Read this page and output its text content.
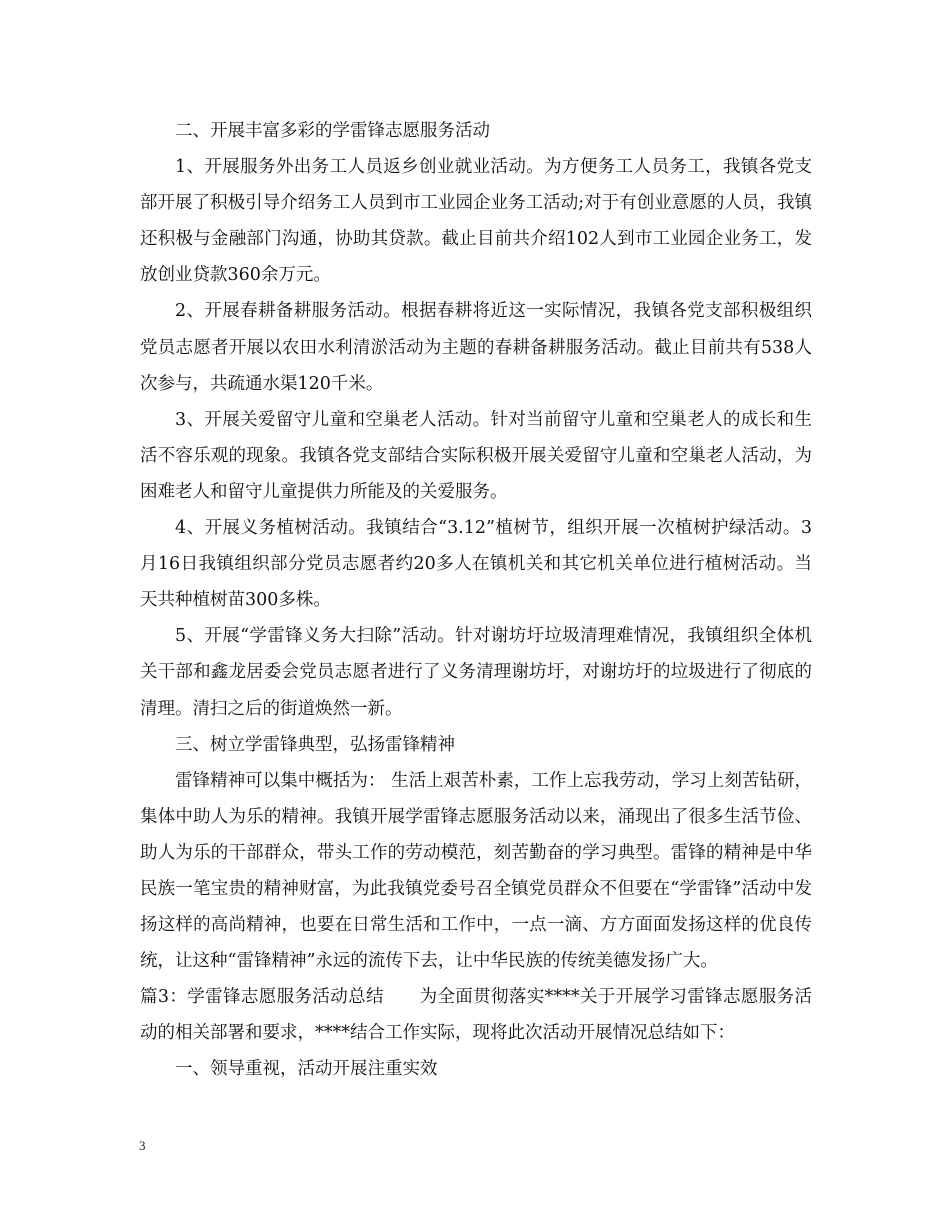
二、开展丰富多彩的学雷锋志愿服务活动

1、开展服务外出务工人员返乡创业就业活动。为方便务工人员务工，我镇各党支部开展了积极引导介绍务工人员到市工业园企业务工活动;对于有创业意愿的人员，我镇还积极与金融部门沟通，协助其贷款。截止目前共介绍102人到市工业园企业务工，发放创业贷款360余万元。

2、开展春耕备耕服务活动。根据春耕将近这一实际情况，我镇各党支部积极组织党员志愿者开展以农田水利清淤活动为主题的春耕备耕服务活动。截止目前共有538人次参与，共疏通水渠120千米。

3、开展关爱留守儿童和空巢老人活动。针对当前留守儿童和空巢老人的成长和生活不容乐观的现象。我镇各党支部结合实际积极开展关爱留守儿童和空巢老人活动，为困难老人和留守儿童提供力所能及的关爱服务。

4、开展义务植树活动。我镇结合“3.12”植树节，组织开展一次植树护绿活动。3月16日我镇组织部分党员志愿者约20多人在镇机关和其它机关单位进行植树活动。当天共种植树苗300多株。

5、开展“学雷锋义务大扫除”活动。针对谢坊圩垃圾清理难情况，我镇组织全体机关干部和鑫龙居委会党员志愿者进行了义务清理谢坊圩，对谢坊圩的垃圾进行了彻底的清理。清扫之后的街道焕然一新。

三、树立学雷锋典型，弘扬雷锋精神

雷锋精神可以集中概括为： 生活上艰苦朴素，工作上忘我劳动，学习上刻苦钻研，集体中助人为乐的精神。我镇开展学雷锋志愿服务活动以来，涌现出了很多生活节俭、助人为乐的干部群众，带头工作的劳动模范，刻苦勤奋的学习典型。雷锋的精神是中华民族一笔宝贵的精神财富，为此我镇党委号召全镇党员群众不但要在“学雷锋”活动中发扬这样的高尚精神，也要在日常生活和工作中，一点一滴、方方面面发扬这样的优良传统，让这种“雷锋精神”永远的流传下去，让中华民族的传统美德发扬广大。

篇3：学雷锋志愿服务活动总结　　为全面贯彻落实****关于开展学习雷锋志愿服务活动的相关部署和要求，****结合工作实际，现将此次活动开展情况总结如下：

一、领导重视，活动开展注重实效

3
